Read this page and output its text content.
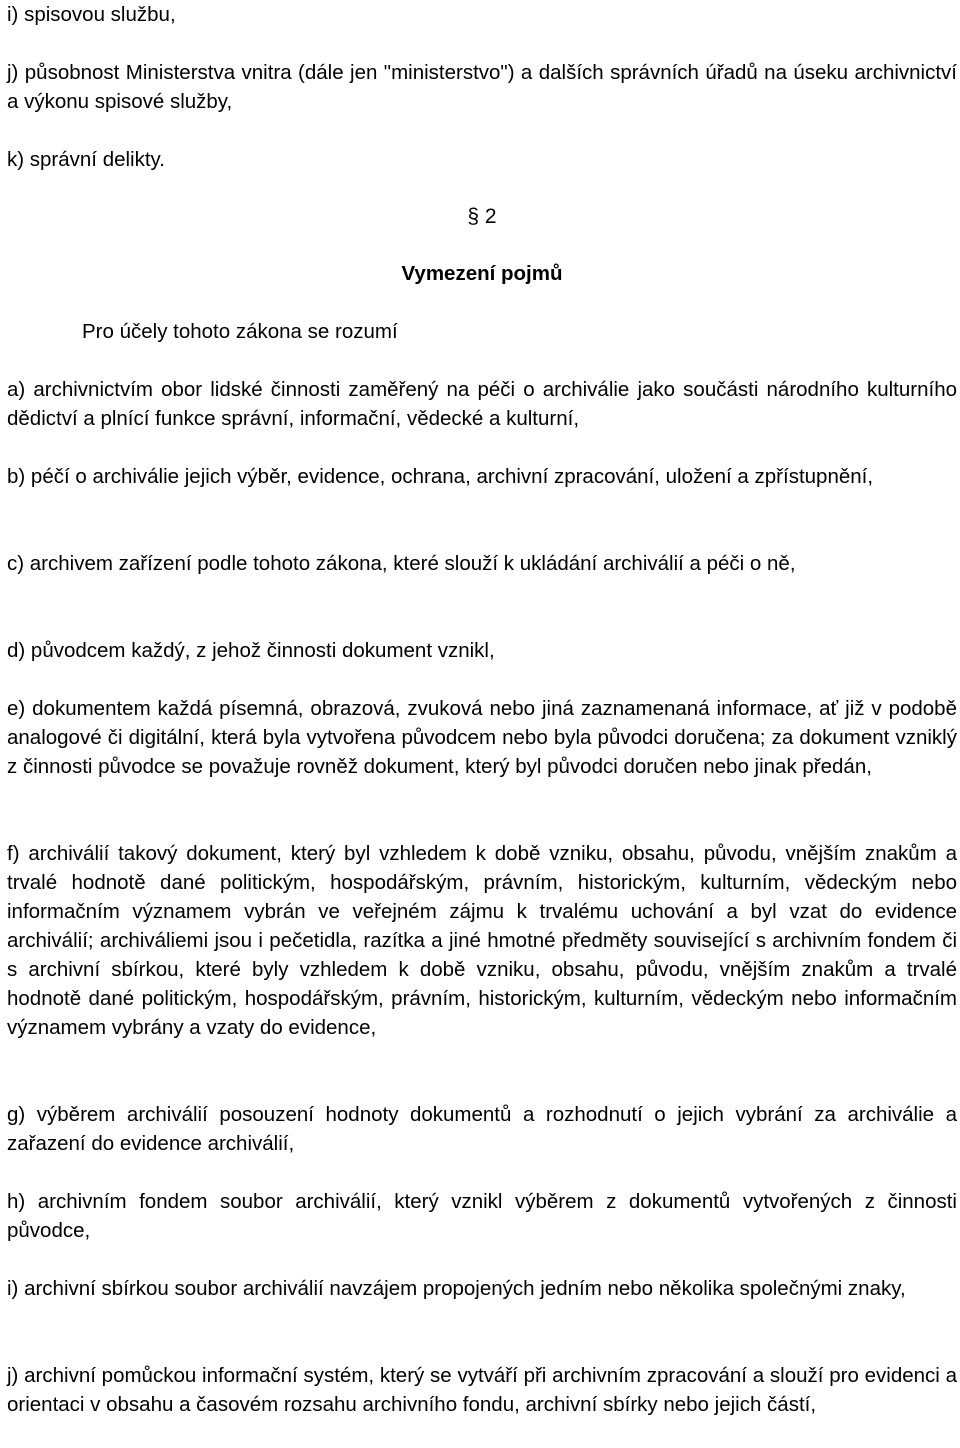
i) spisovou službu,

j) působnost Ministerstva vnitra (dále jen "ministerstvo") a dalších správních úřadů na úseku archivnictví a výkonu spisové služby,

k) správní delikty.

§ 2
Vymezení pojmů
Pro účely tohoto zákona se rozumí

a) archivnictvím obor lidské činnosti zaměřený na péči o archiválie jako součásti národního kulturního dědictví a plnící funkce správní, informační, vědecké a kulturní,

b) péčí o archiválie jejich výběr, evidence, ochrana, archivní zpracování, uložení a zpřístupnění,

c) archivem zařízení podle tohoto zákona, které slouží k ukládání archiválií a péči o ně,

d) původcem každý, z jehož činnosti dokument vznikl,

e) dokumentem každá písemná, obrazová, zvuková nebo jiná zaznamenaná informace, ať již v podobě analogové či digitální, která byla vytvořena původcem nebo byla původci doručena; za dokument vzniklý z činnosti původce se považuje rovněž dokument, který byl původci doručen nebo jinak předán,

f) archiválií takový dokument, který byl vzhledem k době vzniku, obsahu, původu, vnějším znakům a trvalé hodnotě dané politickým, hospodářským, právním, historickým, kulturním, vědeckým nebo informačním významem vybrán ve veřejném zájmu k trvalému uchování a byl vzat do evidence archiválií; archiváliemi jsou i pečetidla, razítka a jiné hmotné předměty související s archivním fondem či s archivní sbírkou, které byly vzhledem k době vzniku, obsahu, původu, vnějším znakům a trvalé hodnotě dané politickým, hospodářským, právním, historickým, kulturním, vědeckým nebo informačním významem vybrány a vzaty do evidence,

g) výběrem archiválií posouzení hodnoty dokumentů a rozhodnutí o jejich vybrání za archiválie a zařazení do evidence archiválií,

h) archivním fondem soubor archiválií, který vznikl výběrem z dokumentů vytvořených z činnosti původce,

i) archivní sbírkou soubor archiválií navzájem propojených jedním nebo několika společnými znaky,

j) archivní pomůckou informační systém, který se vytváří při archivním zpracování a slouží pro evidenci a orientaci v obsahu a časovém rozsahu archivního fondu, archivní sbírky nebo jejich částí,
